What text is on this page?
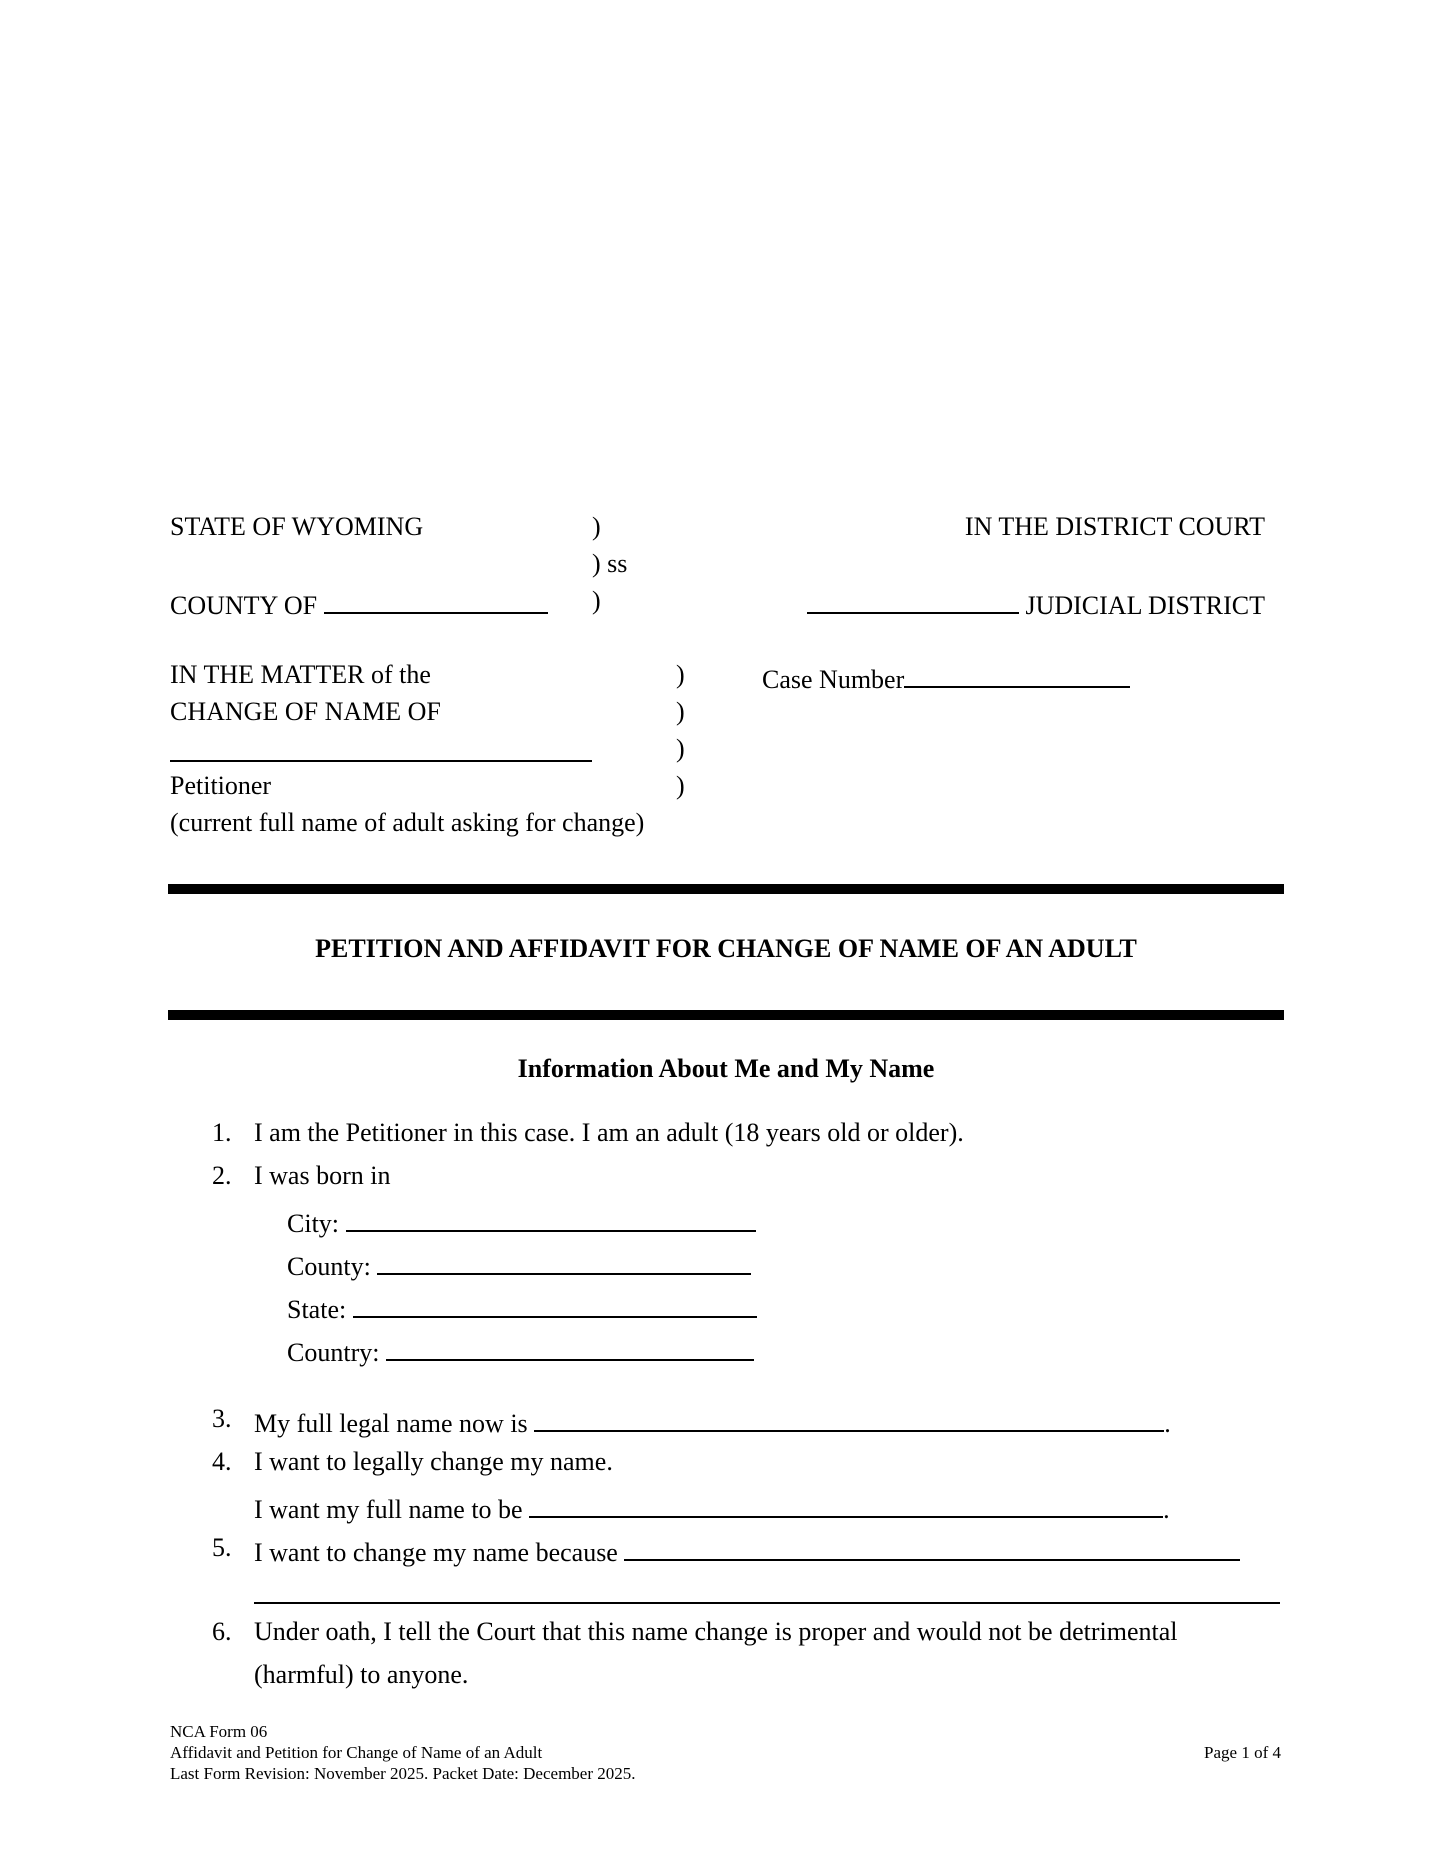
STATE OF WYOMING	)
) ss
COUNTY OF	)
IN THE DISTRICT COURT
JUDICIAL DISTRICT
IN THE MATTER of the
CHANGE OF NAME OF
Petitioner
(current full name of adult asking for change)
)
)
)
)
Case Number
PETITION AND AFFIDAVIT FOR CHANGE OF NAME OF AN ADULT
Information About Me and My Name
1. I am the Petitioner in this case. I am an adult (18 years old or older).
2. I was born in
City:
County:
State:
Country:
3. My full legal name now is	.
4. I want to legally change my name.
I want my full name to be	.
5. I want to change my name because
6. Under oath, I tell the Court that this name change is proper and would not be detrimental
(harmful) to anyone.
NCA Form 06
Affidavit and Petition for Change of Name of an Adult
Last Form Revision: November 2025. Packet Date: December 2025.
Page 1 of 4
